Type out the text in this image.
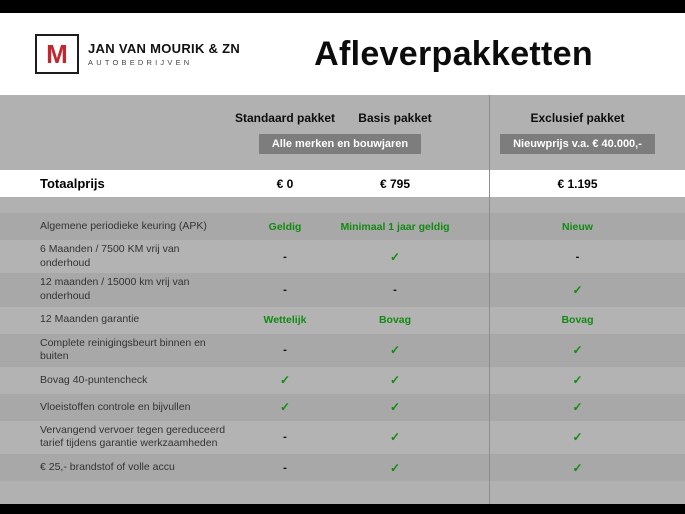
M JAN VAN MOURIK & ZN
AUTOBEDRIJVEN	Afleverpakketten
Standaard pakket	Basis pakket	Exclusief pakket
Alle merken en bouwjaren	Nieuwprijs v.a. € 40.000,-
Totaalprijs	€ 0	€ 795	€ 1.195
Algemene periodieke keuring (APK)	Geldig	Minimaal 1 jaar geldig	Nieuw
6 Maanden / 7500 KM vrij van onderhoud	-	✓	-
12 maanden / 15000 km vrij van onderhoud	-	-	✓
12 Maanden garantie	Wettelijk	Bovag	Bovag
Complete reinigingsbeurt binnen en buiten	-	✓	✓
Bovag 40-puntencheck	✓	✓	✓
Vloeistoffen controle en bijvullen	✓	✓	✓
Vervangend vervoer tegen gereduceerd tarief tijdens garantie werkzaamheden	-	✓	✓
€ 25,- brandstof of volle accu	-	✓	✓
